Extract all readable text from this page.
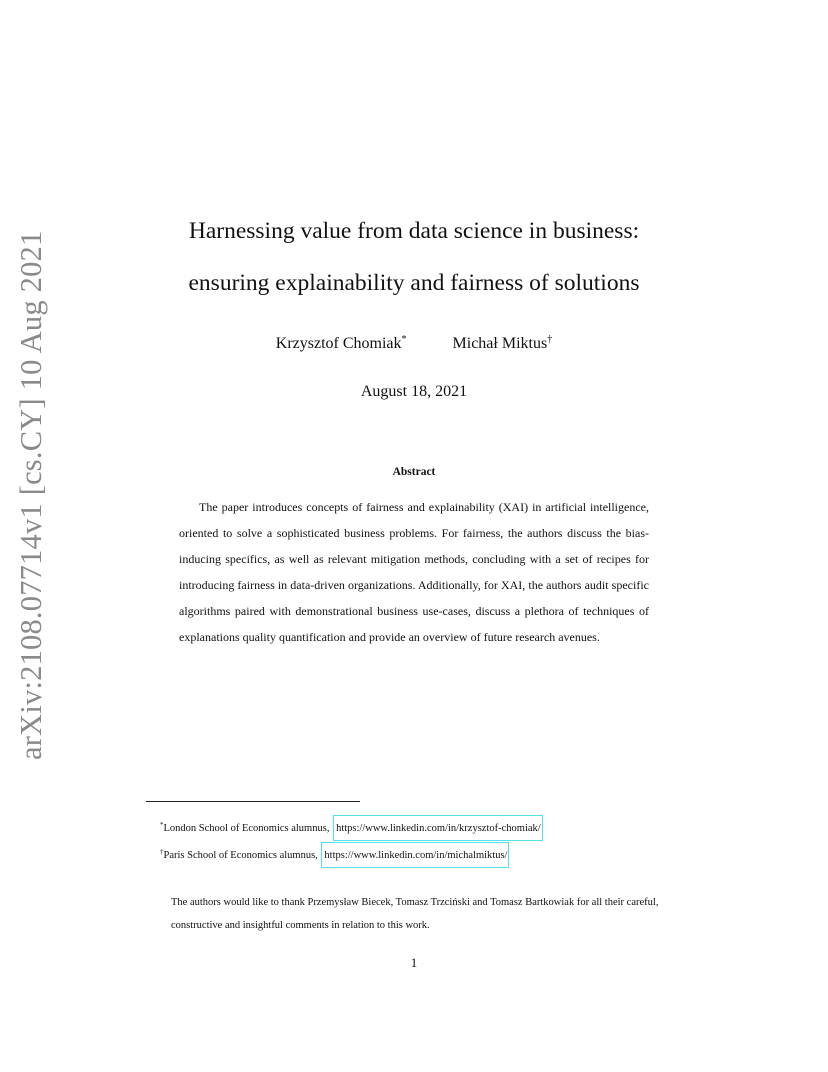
arXiv:2108.07714v1 [cs.CY] 10 Aug 2021	Harnessing value from data science in business:
ensuring explainability and fairness of solutions
Krzysztof Chomiak*	Michał Miktus†
August 18, 2021
Abstract

The paper introduces concepts of fairness and explainability (XAI) in artificial intelligence, oriented to solve a sophisticated business problems. For fairness, the authors discuss the bias-inducing specifics, as well as relevant mitigation methods, concluding with a set of recipes for introducing fairness in data-driven organizations. Additionally, for XAI, the authors audit specific algorithms paired with demonstrational business use-cases, discuss a plethora of techniques of explanations quality quantification and provide an overview of future research avenues.

*London School of Economics alumnus, https://www.linkedin.com/in/krzysztof-chomiak/
†Paris School of Economics alumnus, https://www.linkedin.com/in/michalmiktus/

The authors would like to thank Przemysław Biecek, Tomasz Trzciński and Tomasz Bartkowiak for all their careful, constructive and insightful comments in relation to this work.

1
